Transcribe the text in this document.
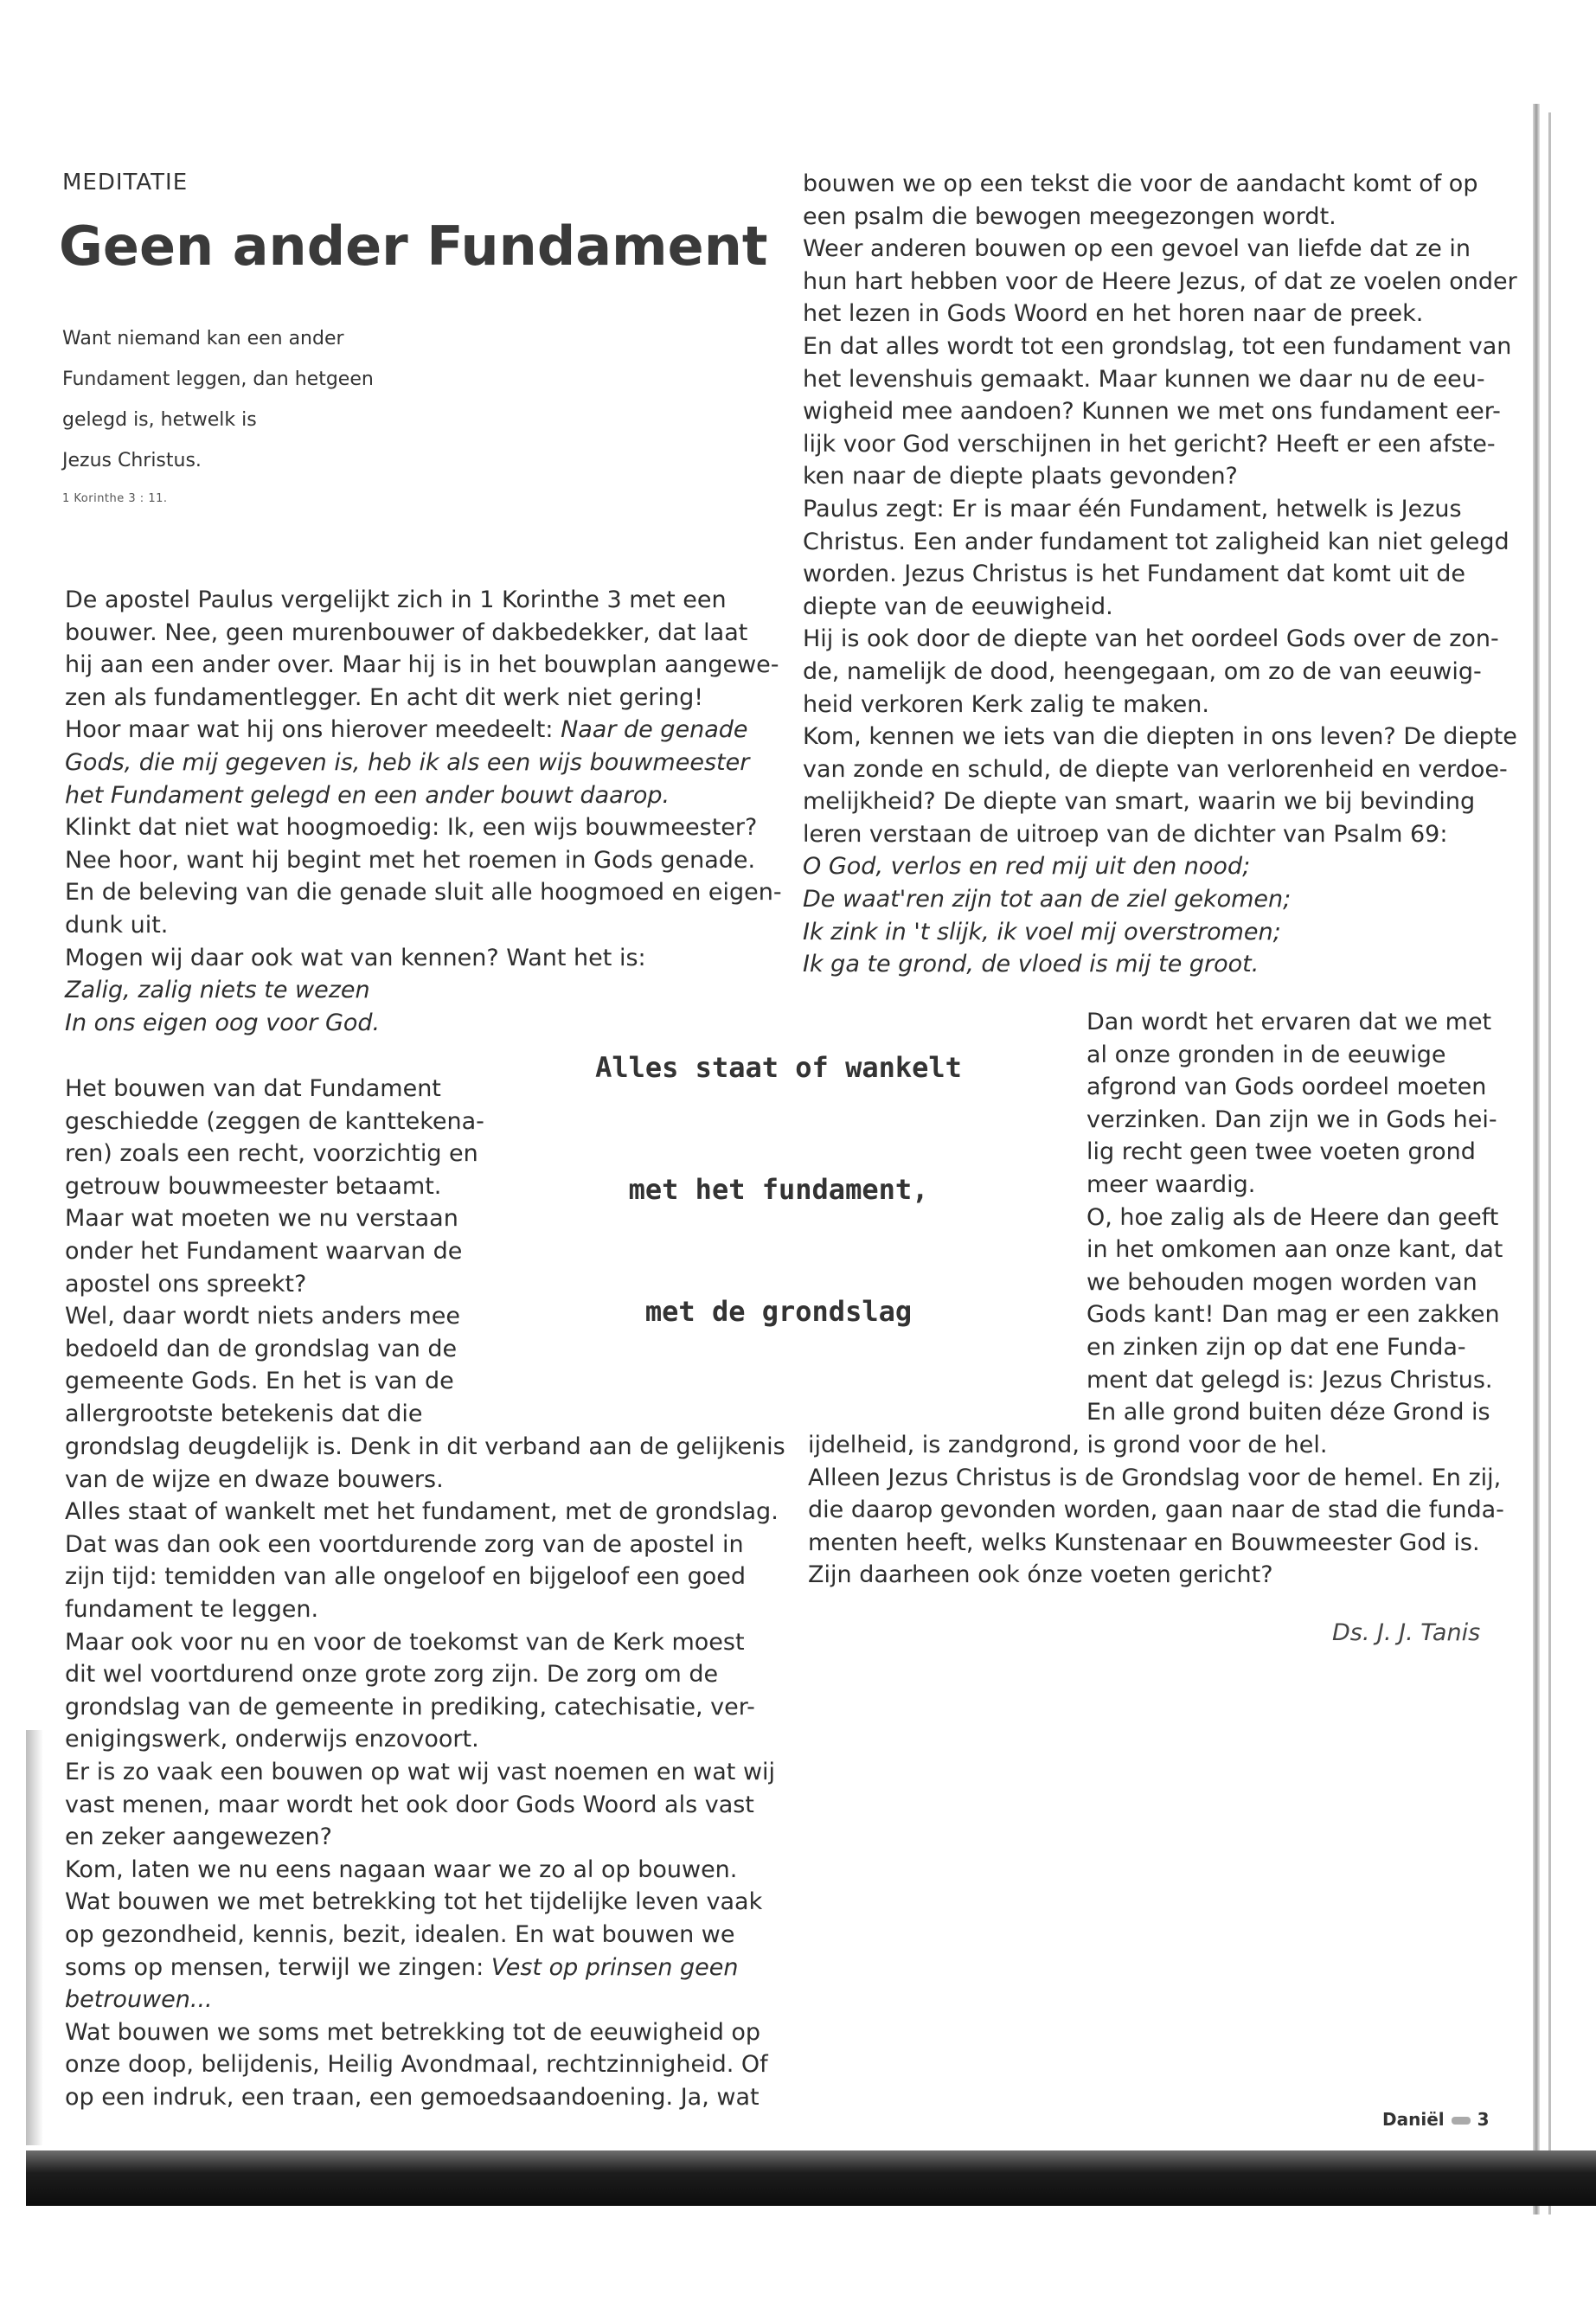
MEDITATIE
Geen ander Fundament
Want niemand kan een ander
Fundament leggen, dan hetgeen
gelegd is, hetwelk is
Jezus Christus.
1 Korinthe 3 : 11.
De apostel Paulus vergelijkt zich in 1 Korinthe 3 met een
bouwer. Nee, geen murenbouwer of dakbedekker, dat laat
hij aan een ander over. Maar hij is in het bouwplan aangewe-
zen als fundamentlegger. En acht dit werk niet gering!
Hoor maar wat hij ons hierover meedeelt: Naar de genade
Gods, die mij gegeven is, heb ik als een wijs bouwmeester
het Fundament gelegd en een ander bouwt daarop.
Klinkt dat niet wat hoogmoedig: Ik, een wijs bouwmeester?
Nee hoor, want hij begint met het roemen in Gods genade.
En de beleving van die genade sluit alle hoogmoed en eigen-
dunk uit.
Mogen wij daar ook wat van kennen? Want het is:
Zalig, zalig niets te wezen
In ons eigen oog voor God.
Het bouwen van dat Fundament
geschiedde (zeggen de kanttekena-
ren) zoals een recht, voorzichtig en
getrouw bouwmeester betaamt.
Maar wat moeten we nu verstaan
onder het Fundament waarvan de
apostel ons spreekt?
Wel, daar wordt niets anders mee
bedoeld dan de grondslag van de
gemeente Gods. En het is van de
allergrootste betekenis dat die
grondslag deugdelijk is. Denk in dit verband aan de gelijkenis
van de wijze en dwaze bouwers.
Alles staat of wankelt met het fundament, met de grondslag.
Dat was dan ook een voortdurende zorg van de apostel in
zijn tijd: temidden van alle ongeloof en bijgeloof een goed
fundament te leggen.
Maar ook voor nu en voor de toekomst van de Kerk moest
dit wel voortdurend onze grote zorg zijn. De zorg om de
grondslag van de gemeente in prediking, catechisatie, ver-
enigingswerk, onderwijs enzovoort.
Er is zo vaak een bouwen op wat wij vast noemen en wat wij
vast menen, maar wordt het ook door Gods Woord als vast
en zeker aangewezen?
Kom, laten we nu eens nagaan waar we zo al op bouwen.
Wat bouwen we met betrekking tot het tijdelijke leven vaak
op gezondheid, kennis, bezit, idealen. En wat bouwen we
soms op mensen, terwijl we zingen: Vest op prinsen geen
betrouwen...
Wat bouwen we soms met betrekking tot de eeuwigheid op
onze doop, belijdenis, Heilig Avondmaal, rechtzinnigheid. Of
op een indruk, een traan, een gemoedsaandoening. Ja, wat
bouwen we op een tekst die voor de aandacht komt of op
een psalm die bewogen meegezongen wordt.
Weer anderen bouwen op een gevoel van liefde dat ze in
hun hart hebben voor de Heere Jezus, of dat ze voelen onder
het lezen in Gods Woord en het horen naar de preek.
En dat alles wordt tot een grondslag, tot een fundament van
het levenshuis gemaakt. Maar kunnen we daar nu de eeu-
wigheid mee aandoen? Kunnen we met ons fundament eer-
lijk voor God verschijnen in het gericht? Heeft er een afste-
ken naar de diepte plaats gevonden?
Paulus zegt: Er is maar één Fundament, hetwelk is Jezus
Christus. Een ander fundament tot zaligheid kan niet gelegd
worden. Jezus Christus is het Fundament dat komt uit de
diepte van de eeuwigheid.
Hij is ook door de diepte van het oordeel Gods over de zon-
de, namelijk de dood, heengegaan, om zo de van eeuwig-
heid verkoren Kerk zalig te maken.
Kom, kennen we iets van die diepten in ons leven? De diepte
van zonde en schuld, de diepte van verlorenheid en verdoe-
melijkheid? De diepte van smart, waarin we bij bevinding
leren verstaan de uitroep van de dichter van Psalm 69:
O God, verlos en red mij uit den nood;
De waat'ren zijn tot aan de ziel gekomen;
Ik zink in 't slijk, ik voel mij overstromen;
Ik ga te grond, de vloed is mij te groot.
Dan wordt het ervaren dat we met
al onze gronden in de eeuwige
afgrond van Gods oordeel moeten
verzinken. Dan zijn we in Gods hei-
lig recht geen twee voeten grond
meer waardig.
O, hoe zalig als de Heere dan geeft
in het omkomen aan onze kant, dat
we behouden mogen worden van
Gods kant! Dan mag er een zakken
en zinken zijn op dat ene Funda-
ment dat gelegd is: Jezus Christus.
En alle grond buiten déze Grond is
ijdelheid, is zandgrond, is grond voor de hel.
Alleen Jezus Christus is de Grondslag voor de hemel. En zij,
die daarop gevonden worden, gaan naar de stad die funda-
menten heeft, welks Kunstenaar en Bouwmeester God is.
Zijn daarheen ook ónze voeten gericht?
Alles staat of wankelt
met het fundament,
met de grondslag
Ds. J. J. Tanis
Daniël 3
